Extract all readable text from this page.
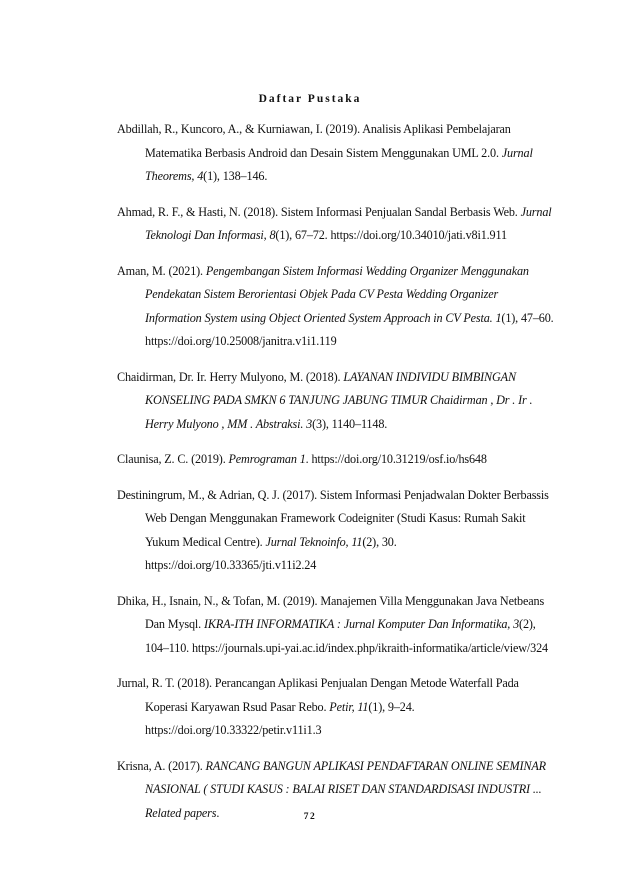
Daftar Pustaka
Abdillah, R., Kuncoro, A., & Kurniawan, I. (2019). Analisis Aplikasi Pembelajaran Matematika Berbasis Android dan Desain Sistem Menggunakan UML 2.0. Jurnal Theorems, 4(1), 138–146.
Ahmad, R. F., & Hasti, N. (2018). Sistem Informasi Penjualan Sandal Berbasis Web. Jurnal Teknologi Dan Informasi, 8(1), 67–72. https://doi.org/10.34010/jati.v8i1.911
Aman, M. (2021). Pengembangan Sistem Informasi Wedding Organizer Menggunakan Pendekatan Sistem Berorientasi Objek Pada CV Pesta Wedding Organizer Information System using Object Oriented System Approach in CV Pesta. 1(1), 47–60. https://doi.org/10.25008/janitra.v1i1.119
Chaidirman, Dr. Ir. Herry Mulyono, M. (2018). LAYANAN INDIVIDU BIMBINGAN KONSELING PADA SMKN 6 TANJUNG JABUNG TIMUR Chaidirman , Dr . Ir . Herry Mulyono , MM . Abstraksi. 3(3), 1140–1148.
Claunisa, Z. C. (2019). Pemrograman 1. https://doi.org/10.31219/osf.io/hs648
Destiningrum, M., & Adrian, Q. J. (2017). Sistem Informasi Penjadwalan Dokter Berbassis Web Dengan Menggunakan Framework Codeigniter (Studi Kasus: Rumah Sakit Yukum Medical Centre). Jurnal Teknoinfo, 11(2), 30. https://doi.org/10.33365/jti.v11i2.24
Dhika, H., Isnain, N., & Tofan, M. (2019). Manajemen Villa Menggunakan Java Netbeans Dan Mysql. IKRA-ITH INFORMATIKA : Jurnal Komputer Dan Informatika, 3(2), 104–110. https://journals.upi-yai.ac.id/index.php/ikraith-informatika/article/view/324
Jurnal, R. T. (2018). Perancangan Aplikasi Penjualan Dengan Metode Waterfall Pada Koperasi Karyawan Rsud Pasar Rebo. Petir, 11(1), 9–24. https://doi.org/10.33322/petir.v11i1.3
Krisna, A. (2017). RANCANG BANGUN APLIKASI PENDAFTARAN ONLINE SEMINAR NASIONAL ( STUDI KASUS : BALAI RISET DAN STANDARDISASI INDUSTRI ... Related papers.	72
